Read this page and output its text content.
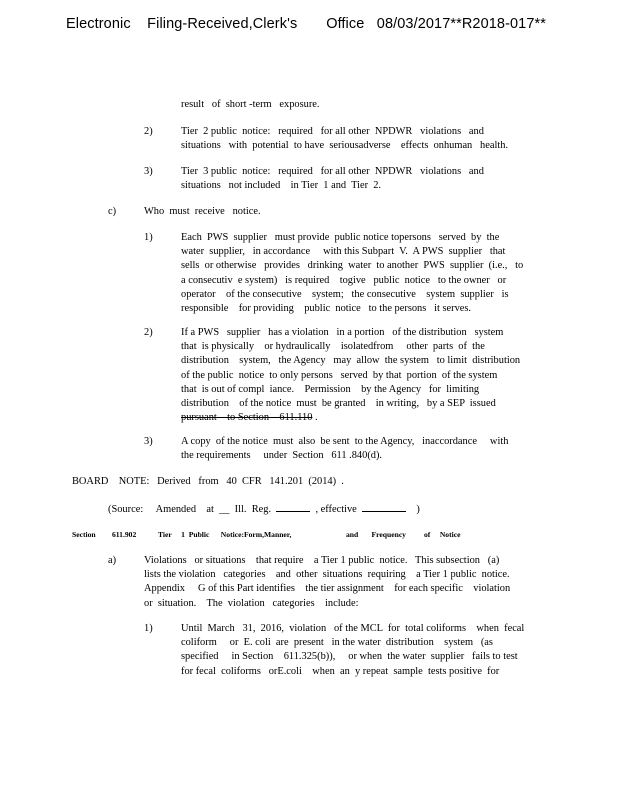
Electronic    Filing-Received,Clerk's       Office   08/03/2017**R2018-017**
result   of  short -term   exposure.
2)	Tier  2 public  notice:   required   for all other  NPDWR   violations   and
situations   with  potential  to have  seriousadverse    effects  onhuman   health.
3)	Tier  3 public  notice:   required   for all other  NPDWR   violations   and
situations   not included    in Tier  1 and  Tier  2.
c)	Who  must  receive   notice.
1)	Each  PWS  supplier   must provide  public notice topersons   served  by  the
water  supplier,   in accordance     with this Subpart  V.  A PWS  supplier   that
sells  or otherwise   provides   drinking  water  to another  PWS  supplier  (i.e.,   to
a consecutiv  e system)   is required    togive   public  notice   to the owner   or
operator    of the consecutive    system;   the consecutive    system  supplier   is
responsible    for providing    public  notice   to the persons   it serves.
2)	If a PWS   supplier   has a violation   in a portion   of the distribution   system
that  is physically    or hydraulically    isolatedfrom     other  parts  of  the
distribution    system,   the Agency   may  allow  the system   to limit  distribution
of the public  notice  to only persons   served  by that  portion  of the system
that  is out of compl  iance.    Permission    by the Agency   for  limiting
distribution    of the notice  must  be granted    in writing,   by a SEP  issued
pursuant    to Section    611.110 .
3)	A copy  of the notice  must  also  be sent  to the Agency,   inaccordance     with
the requirements     under  Section   611 .840(d).
BOARD    NOTE:   Derived   from   40  CFR   141.201  (2014)  .
(Source:     Amended    at  __  Ill.  Reg.	, effective	)
Section 611.902	Tier     1  Public      Notice:Form,Manner,	and       Frequency of     Notice
a)	Violations   or situations    that require    a Tier 1 public  notice.   This subsection   (a)
lists the violation   categories    and  other  situations  requiring    a Tier 1 public  notice.
Appendix     G of this Part identifies    the tier assignment    for each specific    violation
or  situation.    The  violation   categories    include:
1)	Until  March   31,  2016,  violation   of the MCL  for  total coliforms    when  fecal
coliform     or  E. coli  are  present   in the water  distribution    system   (as
specified     in Section    611.325(b)),     or when  the water  supplier   fails to test
for fecal  coliforms   orE.coli    when  an  y repeat  sample  tests positive  for
